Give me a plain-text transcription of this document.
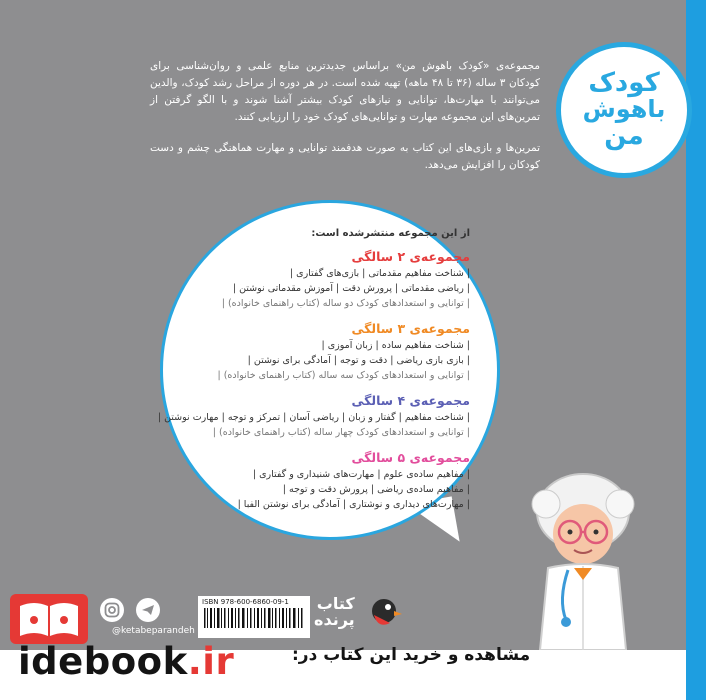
کودک
باهوش
من

مجموعه‌ی «کودک باهوش من» براساس جدیدترین منابع علمی و روان‌شناسی برای کودکان ۳ ساله (۳۶ تا ۴۸ ماهه) تهیه شده است. در هر دوره از مراحل رشد کودک، والدین می‌توانند با مهارت‌ها، توانایی و نیازهای کودک بیشتر آشنا شوند و با الگو گرفتن از تمرین‌های این مجموعه مهارت و توانایی‌های کودک خود را ارزیابی کنند.

تمرین‌ها و بازی‌های این کتاب به صورت هدفمند توانایی و مهارت هماهنگی چشم و دست کودکان را افزایش می‌دهد.

از این مجموعه منتشرشده است:
مجموعه‌ی ۲ سالگی
| شناخت مفاهیم مقدماتی | بازی‌های گفتاری |
| ریاضی مقدماتی | پرورش دقت | آموزش مقدماتی نوشتن |
| توانایی و استعدادهای کودک دو ساله (کتاب راهنمای خانواده) |
مجموعه‌ی ۳ سالگی
| شناخت مفاهیم ساده | زبان آموزی |
| بازی بازی ریاضی | دقت و توجه | آمادگی برای نوشتن |
| توانایی و استعدادهای کودک سه ساله (کتاب راهنمای خانواده) |
مجموعه‌ی ۴ سالگی
| شناخت مفاهیم | گفتار و زبان | ریاضی آسان | تمرکز و توجه | مهارت نوشتن |
| توانایی و استعدادهای کودک چهار ساله (کتاب راهنمای خانواده) |
مجموعه‌ی ۵ سالگی
| مفاهیم ساده‌ی علوم | مهارت‌های شنیداری و گفتاری |
| مفاهیم ساده‌ی ریاضی | پرورش دقت و توجه |
| مهارت‌های دیداری و نوشتاری | آمادگی برای نوشتن الفبا |
@ketabeparandeh
ISBN 978-600-6860-09-1 کتاب
پرنده
idebook.ir	مشاهده و خرید این کتاب در:
